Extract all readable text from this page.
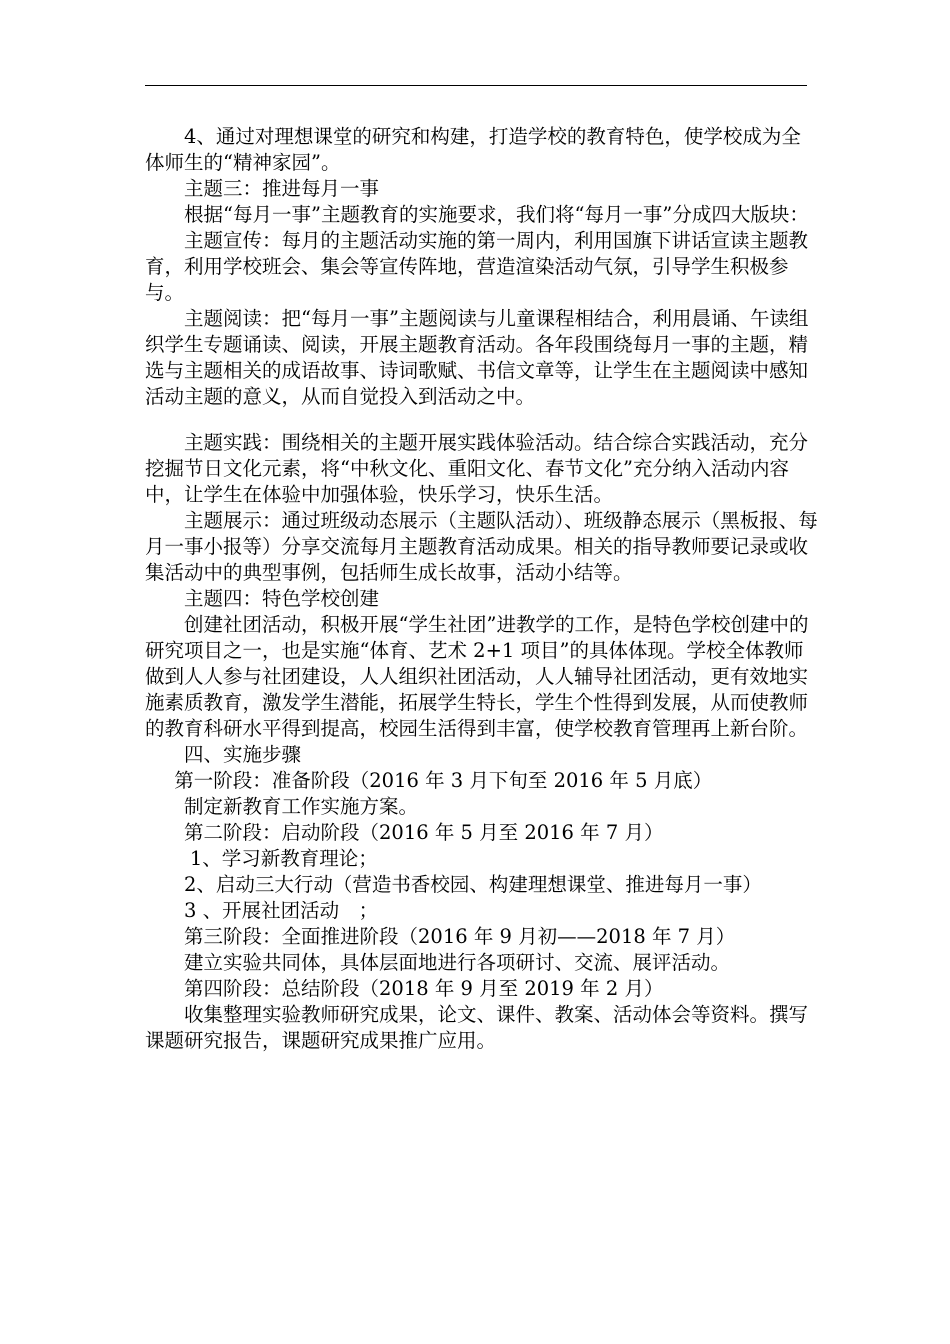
4、通过对理想课堂的研究和构建，打造学校的教育特色，使学校成为全体师生的“精神家园”。

主题三：推进每月一事

根据“每月一事”主题教育的实施要求，我们将“每月一事”分成四大版块：

主题宣传：每月的主题活动实施的第一周内，利用国旗下讲话宣读主题教育，利用学校班会、集会等宣传阵地，营造渲染活动气氛，引导学生积极参与。

主题阅读：把“每月一事”主题阅读与儿童课程相结合，利用晨诵、午读组织学生专题诵读、阅读，开展主题教育活动。各年段围绕每月一事的主题，精选与主题相关的成语故事、诗词歌赋、书信文章等，让学生在主题阅读中感知活动主题的意义，从而自觉投入到活动之中。

主题实践：围绕相关的主题开展实践体验活动。结合综合实践活动，充分挖掘节日文化元素，将“中秋文化、重阳文化、春节文化”充分纳入活动内容中，让学生在体验中加强体验，快乐学习，快乐生活。

主题展示：通过班级动态展示（主题队活动）、班级静态展示（黑板报、每月一事小报等）分享交流每月主题教育活动成果。相关的指导教师要记录或收集活动中的典型事例，包括师生成长故事，活动小结等。

主题四：特色学校创建

创建社团活动，积极开展“学生社团”进教学的工作，是特色学校创建中的研究项目之一，也是实施“体育、艺术 2+1 项目”的具体体现。学校全体教师做到人人参与社团建设，人人组织社团活动，人人辅导社团活动，更有效地实施素质教育，激发学生潜能，拓展学生特长，学生个性得到发展，从而使教师的教育科研水平得到提高，校园生活得到丰富，使学校教育管理再上新台阶。

四、实施步骤

第一阶段：准备阶段（2016 年 3 月下旬至 2016 年 5 月底）

制定新教育工作实施方案。

第二阶段：启动阶段（2016 年 5 月至 2016 年 7 月）

1、学习新教育理论；

2、启动三大行动（营造书香校园、构建理想课堂、推进每月一事）

3 、开展社团活动　；

第三阶段：全面推进阶段（2016 年 9 月初——2018 年 7 月）

建立实验共同体，具体层面地进行各项研讨、交流、展评活动。

第四阶段：总结阶段（2018 年 9 月至 2019 年 2 月）

收集整理实验教师研究成果，论文、课件、教案、活动体会等资料。撰写课题研究报告，课题研究成果推广应用。
